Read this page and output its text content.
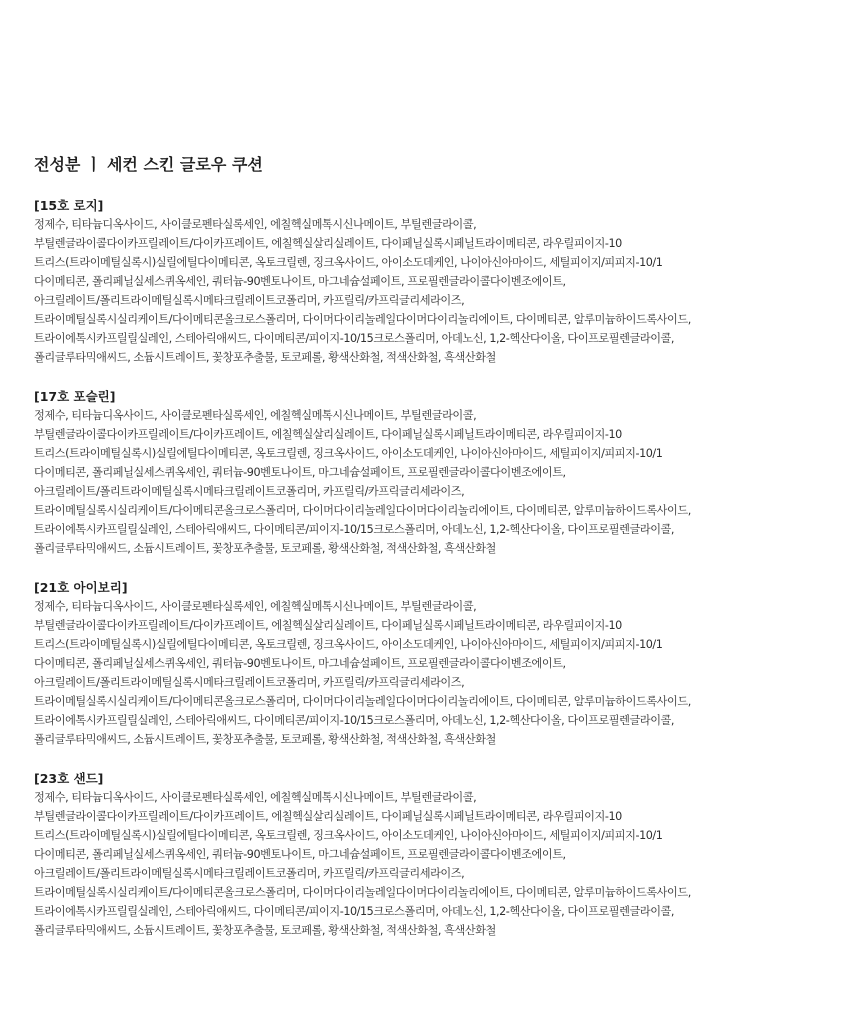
전성분 ㅣ 세컨 스킨 글로우 쿠션
[15호 로지]
정제수, 티타늄디옥사이드, 사이클로펜타실록세인, 에칠헥실메톡시신나메이트, 부틸렌글라이콜,
부틸렌글라이콜다이카프릴레이트/다이카프레이트, 에칠헥실살리실레이트, 다이페닐실록시페닐트라이메티콘, 라우릴피이지-10
트리스(트라이메틸실록시)실릴에틸다이메티콘, 옥토크릴렌, 징크옥사이드, 아이소도데케인, 나이아신아마이드, 세틸피이지/피피지-10/1
다이메티콘, 폴리페닐실세스퀴옥세인, 쿼터늄-90벤토나이트, 마그네슘설페이트, 프로필렌글라이콜다이벤조에이트,
아크릴레이트/폴리트라이메틸실록시메타크릴레이트코폴리머, 카프릴릭/카프릭글리세라이즈,
트라이메틸실록시실리케이트/다이메티콘올크로스폴리머, 다이머다이리놀레일다이머다이리놀리에이트, 다이메티콘, 알루미늄하이드록사이드,
트라이에톡시카프릴릴실레인, 스테아릭애씨드, 다이메티콘/피이지-10/15크로스폴리머, 아데노신, 1,2-헥산다이올, 다이프로필렌글라이콜,
폴리글루타믹애씨드, 소듐시트레이트, 꽃창포추출물, 토코페롤, 황색산화철, 적색산화철, 흑색산화철
[17호 포슬린]
정제수, 티타늄디옥사이드, 사이클로펜타실록세인, 에칠헥실메톡시신나메이트, 부틸렌글라이콜,
부틸렌글라이콜다이카프릴레이트/다이카프레이트, 에칠헥실살리실레이트, 다이페닐실록시페닐트라이메티콘, 라우릴피이지-10
트리스(트라이메틸실록시)실릴에틸다이메티콘, 옥토크릴렌, 징크옥사이드, 아이소도데케인, 나이아신아마이드, 세틸피이지/피피지-10/1
다이메티콘, 폴리페닐실세스퀴옥세인, 쿼터늄-90벤토나이트, 마그네슘설페이트, 프로필렌글라이콜다이벤조에이트,
아크릴레이트/폴리트라이메틸실록시메타크릴레이트코폴리머, 카프릴릭/카프릭글리세라이즈,
트라이메틸실록시실리케이트/다이메티콘올크로스폴리머, 다이머다이리놀레일다이머다이리놀리에이트, 다이메티콘, 알루미늄하이드록사이드,
트라이에톡시카프릴릴실레인, 스테아릭애씨드, 다이메티콘/피이지-10/15크로스폴리머, 아데노신, 1,2-헥산다이올, 다이프로필렌글라이콜,
폴리글루타믹애씨드, 소듐시트레이트, 꽃창포추출물, 토코페롤, 황색산화철, 적색산화철, 흑색산화철
[21호 아이보리]
정제수, 티타늄디옥사이드, 사이클로펜타실록세인, 에칠헥실메톡시신나메이트, 부틸렌글라이콜,
부틸렌글라이콜다이카프릴레이트/다이카프레이트, 에칠헥실살리실레이트, 다이페닐실록시페닐트라이메티콘, 라우릴피이지-10
트리스(트라이메틸실록시)실릴에틸다이메티콘, 옥토크릴렌, 징크옥사이드, 아이소도데케인, 나이아신아마이드, 세틸피이지/피피지-10/1
다이메티콘, 폴리페닐실세스퀴옥세인, 쿼터늄-90벤토나이트, 마그네슘설페이트, 프로필렌글라이콜다이벤조에이트,
아크릴레이트/폴리트라이메틸실록시메타크릴레이트코폴리머, 카프릴릭/카프릭글리세라이즈,
트라이메틸실록시실리케이트/다이메티콘올크로스폴리머, 다이머다이리놀레일다이머다이리놀리에이트, 다이메티콘, 알루미늄하이드록사이드,
트라이에톡시카프릴릴실레인, 스테아릭애씨드, 다이메티콘/피이지-10/15크로스폴리머, 아데노신, 1,2-헥산다이올, 다이프로필렌글라이콜,
폴리글루타믹애씨드, 소듐시트레이트, 꽃창포추출물, 토코페롤, 황색산화철, 적색산화철, 흑색산화철
[23호 샌드]
정제수, 티타늄디옥사이드, 사이클로펜타실록세인, 에칠헥실메톡시신나메이트, 부틸렌글라이콜,
부틸렌글라이콜다이카프릴레이트/다이카프레이트, 에칠헥실살리실레이트, 다이페닐실록시페닐트라이메티콘, 라우릴피이지-10
트리스(트라이메틸실록시)실릴에틸다이메티콘, 옥토크릴렌, 징크옥사이드, 아이소도데케인, 나이아신아마이드, 세틸피이지/피피지-10/1
다이메티콘, 폴리페닐실세스퀴옥세인, 쿼터늄-90벤토나이트, 마그네슘설페이트, 프로필렌글라이콜다이벤조에이트,
아크릴레이트/폴리트라이메틸실록시메타크릴레이트코폴리머, 카프릴릭/카프릭글리세라이즈,
트라이메틸실록시실리케이트/다이메티콘올크로스폴리머, 다이머다이리놀레일다이머다이리놀리에이트, 다이메티콘, 알루미늄하이드록사이드,
트라이에톡시카프릴릴실레인, 스테아릭애씨드, 다이메티콘/피이지-10/15크로스폴리머, 아데노신, 1,2-헥산다이올, 다이프로필렌글라이콜,
폴리글루타믹애씨드, 소듐시트레이트, 꽃창포추출물, 토코페롤, 황색산화철, 적색산화철, 흑색산화철
